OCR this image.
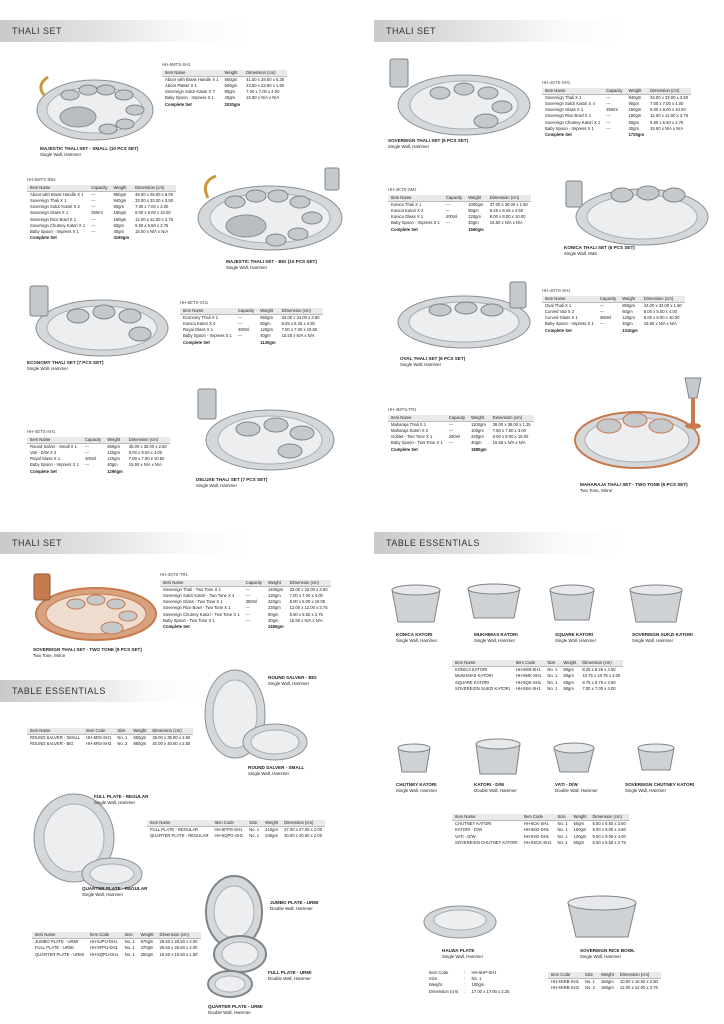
THALI SET
MAJESTIC THALI SET - SMALL (10 PCS SET)
Single Wall, Hammer
HH-6MTS-SH1
Item Name	Weight	Dimension (cm)
Aboor with Brass Handle X 1	850gm	41.50 x 28.00 x 6.30
Aboor Platter X 1	500gm	23.50 x 23.50 x 1.50
Sovereign Sukzi Katori X 7	90gm	7.00 x 7.00 x 4.00
Baby Spoon - Impress X 1	40gm	15.50 x N/A x N/A
Complete Set	2020gm	
HH-6MTS-SB2
Item Name	Capacity	Weight	Dimension (cm)
Aboor with Brass Handle X 1	---	950gm	48.00 x 28.00 x 8.00
Sovereign Thali X 1	---	940gm	33.00 x 33.00 x 3.50
Sovereign Sukzi Katori X 2	---	90gm	7.00 x 7.00 x 4.00
Sovereign Glass X 1	350ml	150gm	8.00 x 8.00 x 10.00
Sovereign Rice Bowl X 1	---	180gm	12.00 x 12.00 x 3.75
Sovereign Chutney Katori X 1	---	50gm	5.50 x 5.50 x 2.75
Baby Spoon - Impress X 1	---	40gm	15.50 x N/A x N/A
Complete Set		3190gm	
MAJESTIC THALI SET - BIG (10 PCS SET)
Single Wall, Hammer
ECONOMY THALI SET (7 PCS SET)
Single Wall, Hammer
HH-6ETS-SH1
Item Name	Capacity	Weight	Dimension (cm)
Economy Thali X 1	---	650gm	34.00 x 34.00 x 3.50
Konica Katori X 4	---	80gm	8.25 x 8.25 x 4.50
Royal Glass X 1	400ml	120gm	7.00 x 7.00 x 10.50
Baby Spoon - Impress X 1	---	40gm	15.50 x N/A x N/A
Complete Set		1130gm	
HH-4DTS-SH1
Item Name	Capacity	Weight	Dimension (cm)
Round Salver - Small X 1	---	650gm	35.00 x 35.00 x 2.50
Vati - D/W X 4	---	120gm	9.00 x 9.00 x 4.00
Royal Glass X 1	400ml	120gm	7.00 x 7.00 x 10.50
Baby Spoon - Impress X 1	---	40gm	15.50 x N/A x N/A
Complete Set		1290gm	
DELUXE THALI SET (7 PCS SET)
Single Wall, Hammer
THALI SET
SOVEREIGN THALI SET (9 PCS SET)
Single Wall, Hammer
HH-4STS-SH1
Item Name	Capacity	Weight	Dimension (cm)
Sovereign Thali X 1	---	940gm	33.00 x 33.00 x 3.50
Sovereign Sukzi Katori X 4	---	90gm	7.00 x 7.00 x 4.00
Sovereign Glass X 1	350ml	150gm	8.00 x 8.00 x 10.00
Sovereign Rice Bowl X 1	---	180gm	12.00 x 12.00 x 3.75
Sovereign Chutney Katori X 1	---	50gm	5.50 x 5.50 x 2.75
Baby Spoon - Impress X 1	---	40gm	15.50 x N/A x N/A
Complete Set		1720gm	
HH-4KTS-SM1
Item Name	Capacity	Weight	Dimension (cm)
Konica Thali X 1	---	1000gm	37.00 x 30.00 x 1.50
Konica Katori X 3	---	80gm	8.25 x 8.25 x 4.50
Konica Glass X 1	400ml	120gm	8.00 x 8.00 x 10.00
Baby Spoon - Impress X 1	---	40gm	15.50 x N/A x N/A
Complete Set		1560gm	
KONICA THALI SET (6 PCS SET)
Single Wall, Matt
OVAL THALI SET (6 PCS SET)
Single Wall, Hammer
HH-4OTS-SH1
Item Name	Capacity	Weight	Dimension (cm)
Oval Thali X 1	---	850gm	43.00 x 32.00 x 1.50
Curved Vati X 3	---	60gm	8.00 x 8.00 x 4.00
Curved Glass X 1	350ml	120gm	8.00 x 8.00 x 10.00
Baby Spoon - Impress X 1	---	40gm	15.50 x N/A x N/A
Complete Set		1310gm	
HH-4MTS-TR1
Item Name	Capacity	Weight	Dimension (cm)
Maharaja Thali X 1	---	1100gm	38.00 x 38.00 x 1.25
Maharaja Katori X 3	---	100gm	7.50 x 7.50 x 3.00
Goblet - Two Tone X 1	250ml	240gm	8.00 x 8.00 x 15.00
Baby Spoon - Two Tone X 1	---	40gm	15.50 x N/A x N/A
Complete Set		1880gm	
MAHARAJA THALI SET - TWO TONE (6 PCS SET)
Two Tone, Mirror
THALI SET
SOVEREIGN THALI SET - TWO TONE (9 PCS SET)
Two Tone, Mirror
HH-4STS-TR1
Item Name	Capacity	Weight	Dimension (cm)
Sovereign Thali - Two Tone X 1	---	1400gm	33.00 x 33.00 x 3.50
Sovereign Sukzi Katori - Two Tone X 4	---	130gm	7.00 x 7.00 x 4.00
Sovereign Glass - Two Tone X 1	350ml	220gm	8.00 x 8.00 x 10.00
Sovereign Rice Bowl - Two Tone X 1	---	230gm	12.00 x 12.00 x 3.75
Sovereign Chutney Katori - Two Tone X 1	---	80gm	5.50 x 5.50 x 2.75
Baby Spoon - Two Tone X 1	---	40gm	15.50 x N/A x N/A
Complete Set		2490gm	
TABLE ESSENTIALS
ROUND SALVER - BIG
Single Wall, Hammer
ROUND SALVER - SMALL
Single Wall, Hammer
Item Name	Item Code	Size	Weight	Dimension (cm)
ROUND SALVER - SMALL	HH-5RS-SH1	No. 1	650gm	35.00 x 35.00 x 2.50
ROUND SALVER - BIG	HH-5RS-SH2	No. 2	850gm	40.00 x 40.00 x 2.50
FULL PLATE - REGULAR
Single Wall, Hammer
QUARTER PLATE - REGULAR
Single Wall, Hammer
Item Name	Item Code	Size	Weight	Dimension (cm)
FULL PLATE - REGULAR	HH-5FPG-SH1	No. 1	410gm	27.00 x 27.00 x 2.00
QUARTER PLATE - REGULAR	HH-5QPG-SH1	No. 1	240gm	20.00 x 20.00 x 2.00
JUMBO PLATE - URMI
Double Wall, Hammer
FULL PLATE - URMI
Double Wall, Hammer
QUARTER PLATE - URMI
Double Wall, Hammer
Item Name	Item Code	Size	Weight	Dimension (cm)
JUMBO PLATE - URMI	HH-5JPU-DH1	No. 1	570gm	28.50 x 28.50 x 2.00
FULL PLATE - URMI	HH-5FPU-DH1	No. 1	470gm	26.50 x 26.50 x 2.00
QUARTER PLATE - URMI	HH-5QPU-DH1	No. 1	250gm	19.50 x 19.50 x 1.50
TABLE ESSENTIALS
KONICA KATORI
Single Wall, Hammer
MUKHIMAS KATORI
Single Wall, Hammer
SQUARE KATORI
Single Wall, Hammer
SOVEREIGN SUKZI KATORI
Single Wall, Hammer
Item Name	Item Code	Size	Weight	Dimension (cm)
KONICA KATORI	HH-5KB-SH1	No. 1	80gm	8.25 x 8.25 x 4.50
MUKHMAS KATORI	HH-5MK-SH1	No. 1	80gm	10.75 x 10.75 x 4.00
SQUARE KATORI	HH-5QK-SH1	No. 1	80gm	8.75 x 8.75 x 3.50
SOVEREIGN SUKZI KATORI	HH-5SK-SH1	No. 1	90gm	7.00 x 7.00 x 4.00
CHUTNEY KATORI
Single Wall, Hammer
KATORI - D/W
Double Wall, Hammer
VATI - D/W
Double Wall, Hammer
SOVEREIGN CHUTNEY KATORI
Single Wall, Hammer
Item Name	Item Code	Size	Weight	Dimension (cm)
CHUTNEY KATORI	HH-5CK-SH1	No. 1	50gm	6.50 x 6.50 x 3.50
KATORI - D/W	HH-5KD-DH1	No. 1	160gm	9.00 x 9.00 x 4.50
VATI - D/W	HH-5VD-DH1	No. 1	120gm	9.00 x 9.00 x 4.00
SOVEREIGN CHUTNEY KATORI	HH-5SCK-SH1	No. 1	50gm	5.50 x 5.50 x 2.75
HALWA PLATE
Single Wall, Hammer
Item Code	:	HH-5HP-SH1
Size	:	No. 1
Weight	:	100gm
Dimension (cm)	:	17.00 x 17.00 x 2.25
SOVEREIGN RICE BOWL
Single Wall, Hammer
Item Code	Size	Weight	Dimension (cm)
HH-5SRB-SH1	No. 1	150gm	10.50 x 10.50 x 2.50
HH-5SRB-SH2	No. 2	180gm	12.00 x 12.00 x 3.75
